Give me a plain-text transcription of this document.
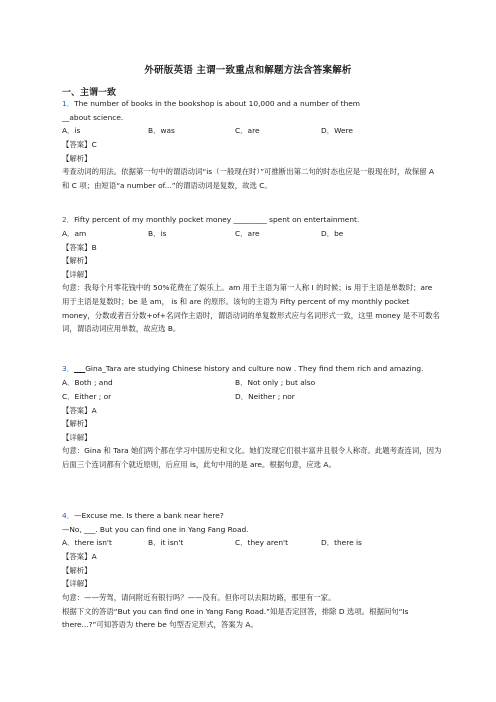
外研版英语 主谓一致重点和解题方法含答案解析
一、主谓一致
1．The number of books in the bookshop is about 10,000 and a number of them
__about science.
A．is	B．was	C．are	D．Were
【答案】C
【解析】
考查动词的用法。依据第一句中的谓语动词“is（一般现在时）”可推断出第二句的时态也应是一般现在时，故保留 A 和 C 项；由短语“a number of...”的谓语动词是复数，故选 C。
2．Fifty percent of my monthly pocket money _________ spent on entertainment.
A．am	B．is	C．are	D．be
【答案】B
【解析】
【详解】
句意：我每个月零花钱中的 50%花费在了娱乐上。am 用于主语为第一人称 I 的时候；is 用于主语是单数时；are 用于主语是复数时；be 是 am， is 和 are 的原形。该句的主语为 Fifty percent of my monthly pocket money，分数或者百分数+of+名词作主语时，谓语动词的单复数形式应与名词形式一致，这里 money 是不可数名词，谓语动词应用单数，故应选 B。
3．___Gina_Tara are studying Chinese history and culture now . They find them rich and amazing.
A．Both ; and	B．Not only ; but also
C．Either ; or	D．Neither ; nor
【答案】A
【解析】
【详解】
句意：Gina 和 Tara 她们两个都在学习中国历史和文化。她们发现它们很丰富并且很令人称奇。此题考查连词，因为后面三个连词都有个就近原则，后应用 is，此句中用的是 are。根据句意，应选 A。
4．—Excuse me. Is there a bank near here?
—No, ___. But you can find one in Yang Fang Road.
A．there isn't	B．it isn't	C．they aren't	D．there is
【答案】A
【解析】
【详解】
句意：——劳驾，请问附近有银行吗？——没有。但你可以去阳坊路，那里有一家。
根据下文的答语“But you can find one in Yang Fang Road.”知是否定回答，排除 D 选项。根据问句“Is there...?”可知答语为 there be 句型否定形式，答案为 A。
